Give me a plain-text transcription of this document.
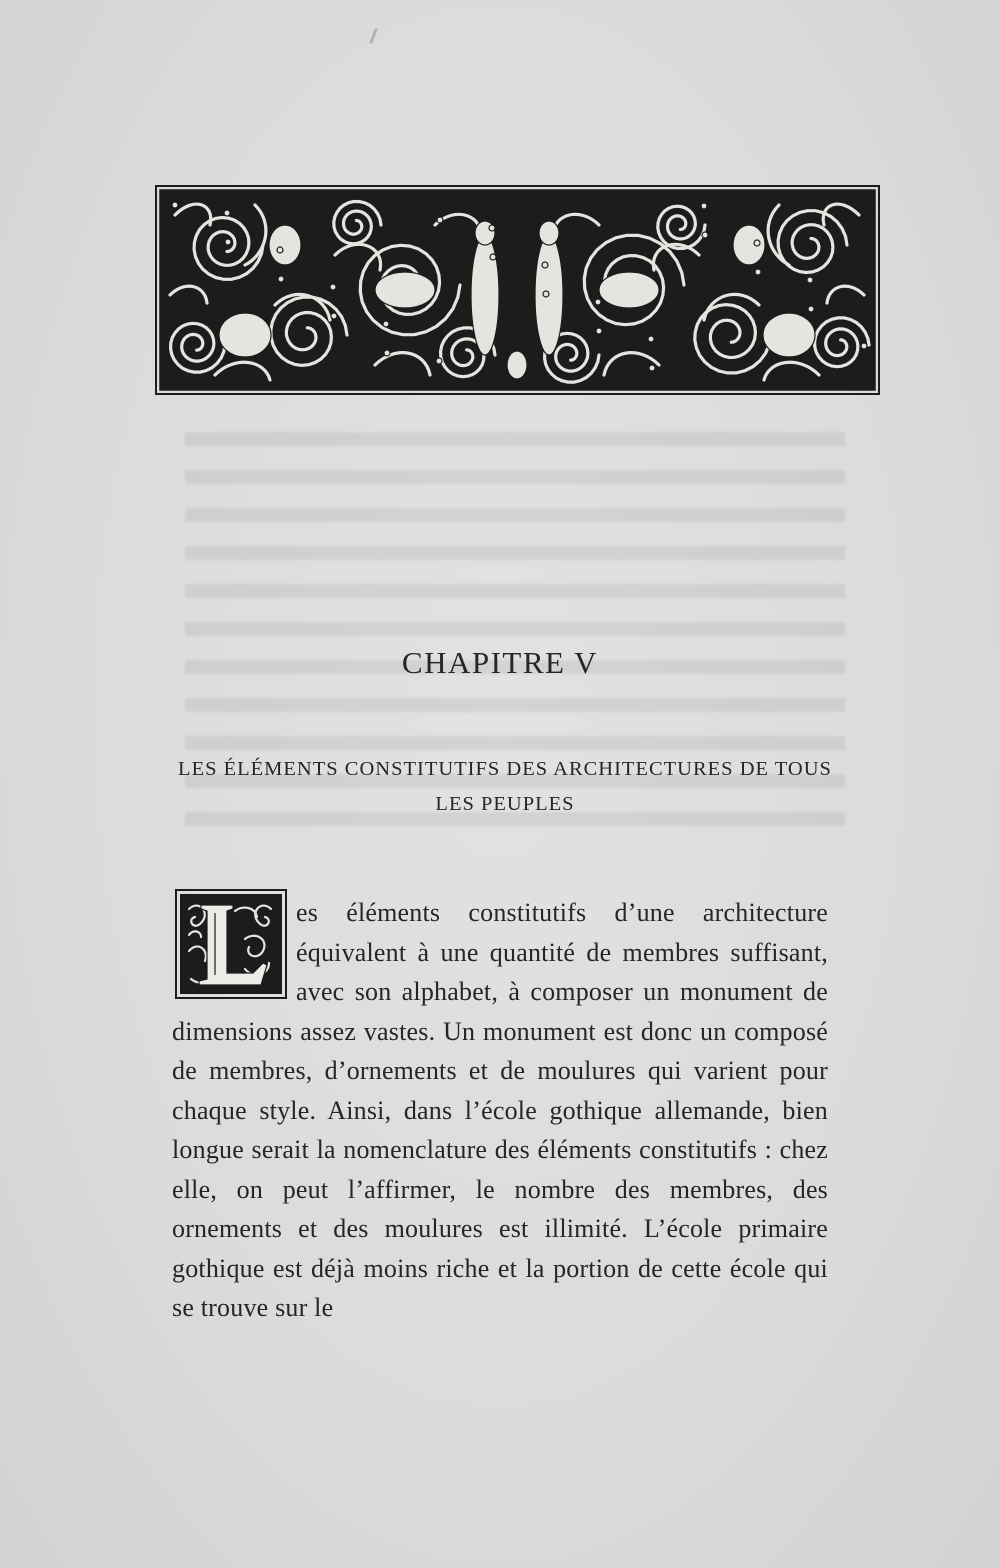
CHAPITRE V
LES ÉLÉMENTS CONSTITUTIFS DES ARCHITECTURES DE TOUS LES PEUPLES

es éléments constitutifs d’une architecture équivalent à une quantité de membres suffisant, avec son alphabet, à composer un monument de dimensions assez vastes. Un monument est donc un composé de membres, d’ornements et de moulures qui varient pour chaque style. Ainsi, dans l’école gothique allemande, bien longue serait la nomenclature des éléments constitutifs : chez elle, on peut l’affirmer, le nombre des membres, des ornements et des moulures est illimité. L’école primaire gothique est déjà moins riche et la portion de cette école qui se trouve sur le
